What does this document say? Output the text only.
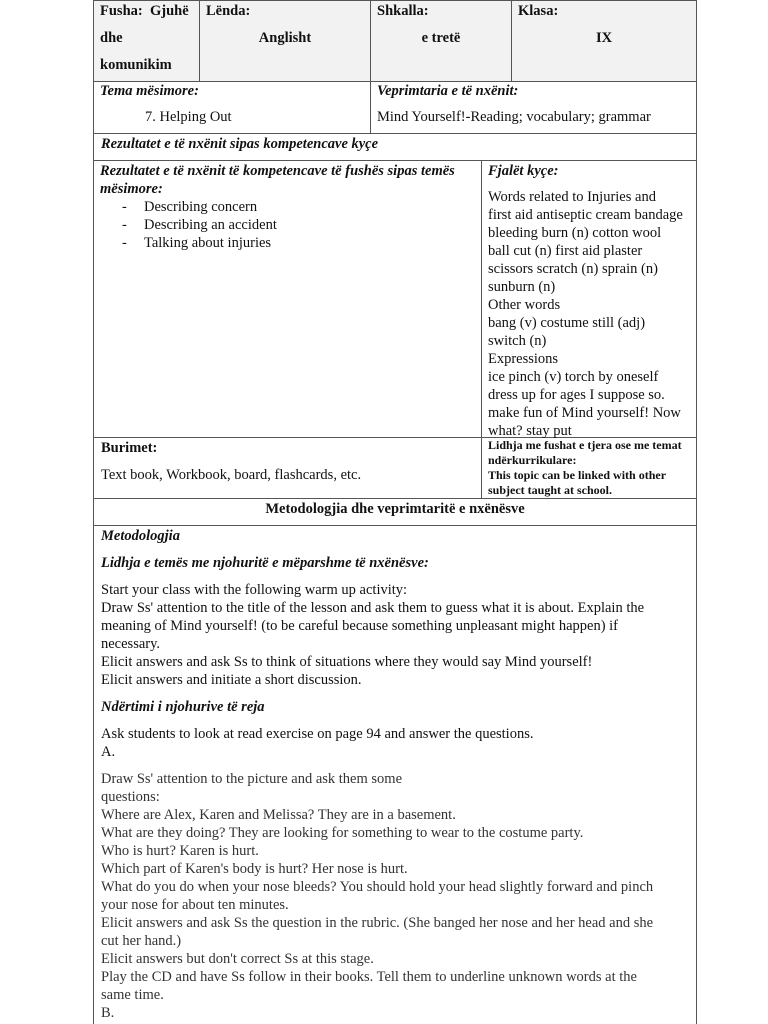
Fusha: Gjuhë
dhe
komunikim
Lënda:
Anglisht
Shkalla:
e tretë
Klasa:
IX
Tema mësimore:
7. Helping Out
Veprimtaria e të nxënit:
Mind Yourself!-Reading; vocabulary; grammar
Rezultatet e të nxënit sipas kompetencave kyçe
Rezultatet e të nxënit të kompetencave të fushës sipas temës mësimore:
- Describing concern
- Describing an accident
- Talking about injuries
Fjalët kyçe:
Words related to Injuries and
first aid antiseptic cream bandage
bleeding burn (n) cotton wool
ball cut (n) first aid plaster
scissors scratch (n) sprain (n)
sunburn (n)
Other words
bang (v) costume still (adj)
switch (n)
Expressions
ice pinch (v) torch by oneself
dress up for ages I suppose so.
make fun of Mind yourself! Now
what? stay put
Burimet:
Text book, Workbook, board, flashcards, etc.
Lidhja me fushat e tjera ose me temat
ndërkurrikulare:
This topic can be linked with other
subject taught at school.
Metodologjia dhe veprimtaritë e nxënësve
Metodologjia
Lidhja e temës me njohuritë e mëparshme të nxënësve:
Start your class with the following warm up activity:
Draw Ss' attention to the title of the lesson and ask them to guess what it is about. Explain the
meaning of Mind yourself! (to be careful because something unpleasant might happen) if
necessary.
Elicit answers and ask Ss to think of situations where they would say Mind yourself!
Elicit answers and initiate a short discussion.
Ndërtimi i njohurive të reja
Ask students to look at read exercise on page 94 and answer the questions.
A.
Draw Ss' attention to the picture and ask them some
questions:
Where are Alex, Karen and Melissa? They are in a basement.
What are they doing? They are looking for something to wear to the costume party.
Who is hurt? Karen is hurt.
Which part of Karen's body is hurt? Her nose is hurt.
What do you do when your nose bleeds? You should hold your head slightly forward and pinch
your nose for about ten minutes.
Elicit answers and ask Ss the question in the rubric. (She banged her nose and her head and she
cut her hand.)
Elicit answers but don't correct Ss at this stage.
Play the CD and have Ss follow in their books. Tell them to underline unknown words at the
same time.
B.
